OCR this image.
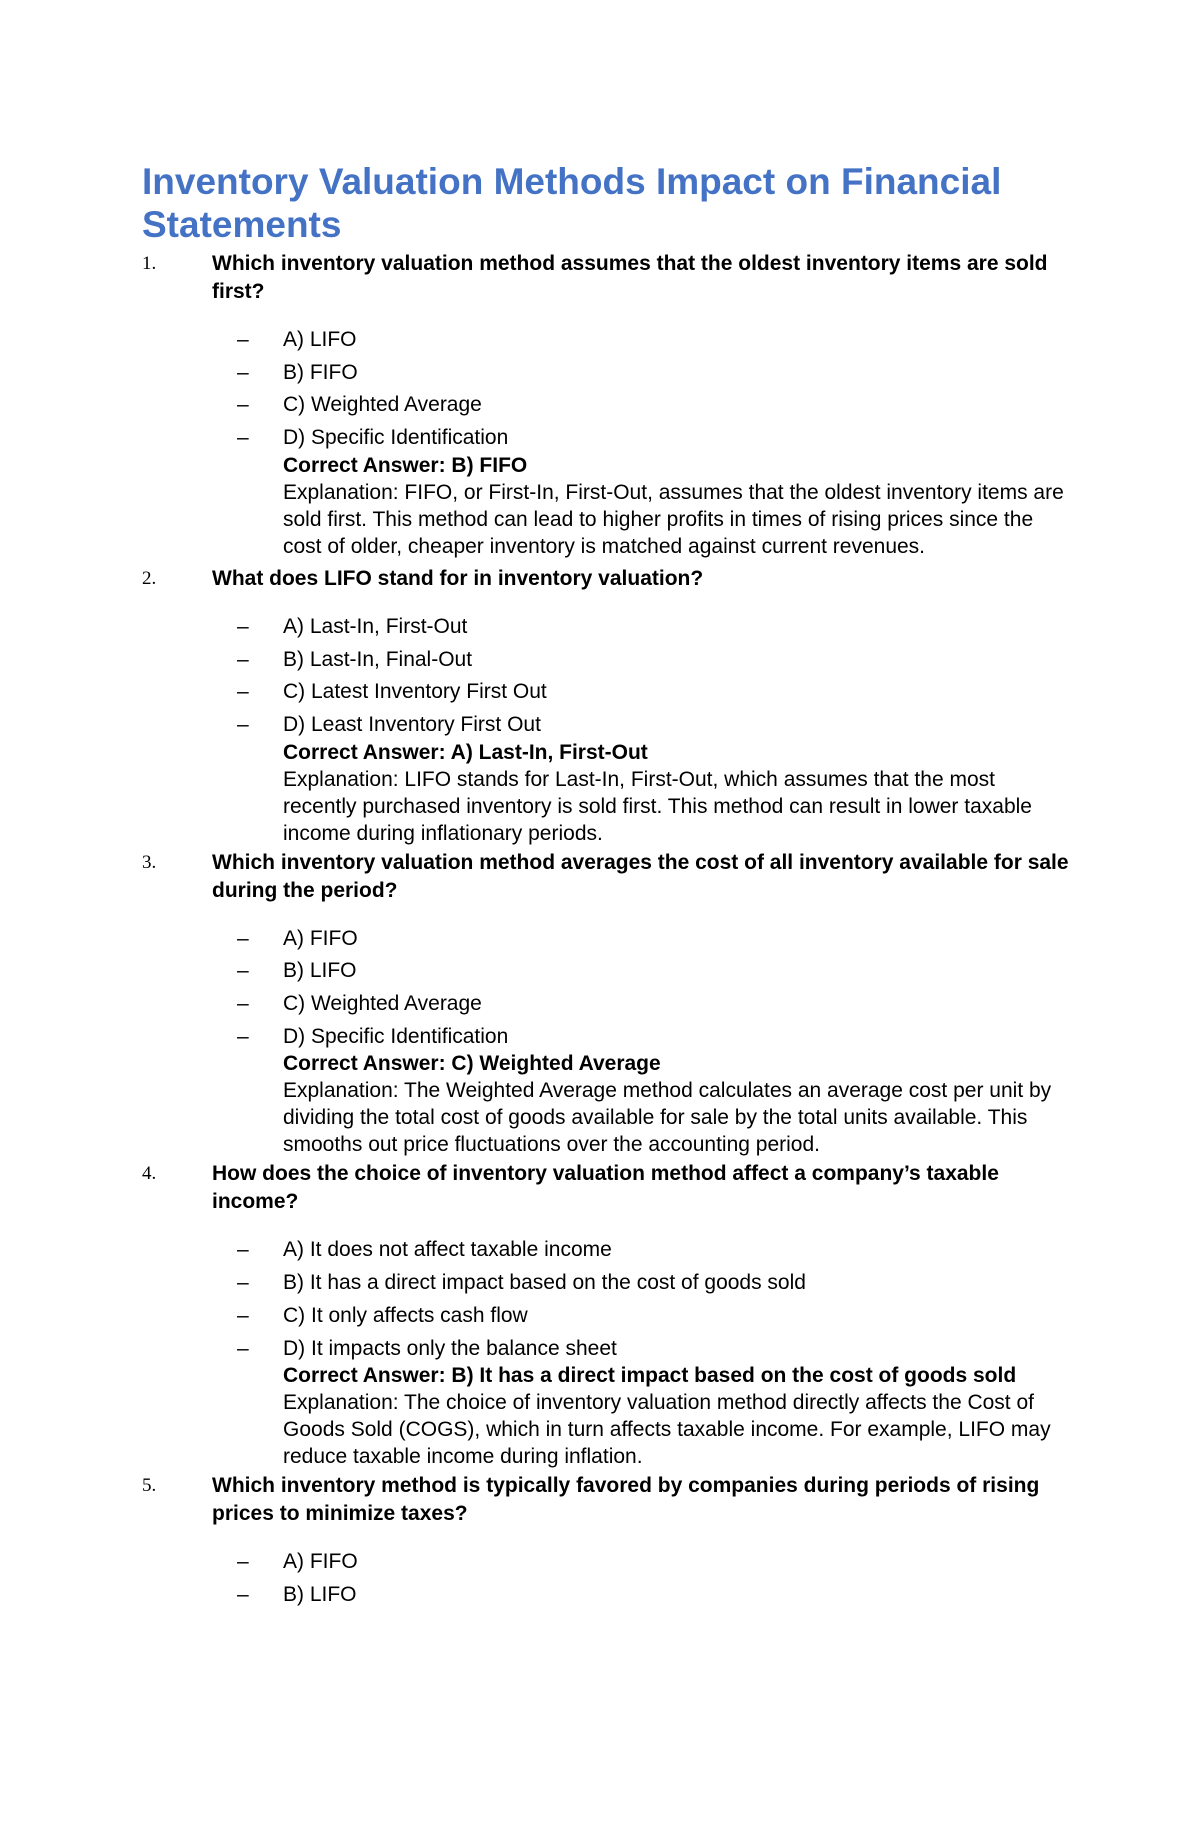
Inventory Valuation Methods Impact on Financial Statements

1.	Which inventory valuation method assumes that the oldest inventory items are sold first?

– A) LIFO
– B) FIFO
– C) Weighted Average
– D) Specific Identification
Correct Answer: B) FIFO
Explanation: FIFO, or First-In, First-Out, assumes that the oldest inventory items are sold first. This method can lead to higher profits in times of rising prices since the cost of older, cheaper inventory is matched against current revenues.

2.	What does LIFO stand for in inventory valuation?

– A) Last-In, First-Out
– B) Last-In, Final-Out
– C) Latest Inventory First Out
– D) Least Inventory First Out
Correct Answer: A) Last-In, First-Out
Explanation: LIFO stands for Last-In, First-Out, which assumes that the most recently purchased inventory is sold first. This method can result in lower taxable income during inflationary periods.

3.	Which inventory valuation method averages the cost of all inventory available for sale during the period?

– A) FIFO
– B) LIFO
– C) Weighted Average
– D) Specific Identification
Correct Answer: C) Weighted Average
Explanation: The Weighted Average method calculates an average cost per unit by dividing the total cost of goods available for sale by the total units available. This smooths out price fluctuations over the accounting period.

4.	How does the choice of inventory valuation method affect a company’s taxable income?

– A) It does not affect taxable income
– B) It has a direct impact based on the cost of goods sold
– C) It only affects cash flow
– D) It impacts only the balance sheet
Correct Answer: B) It has a direct impact based on the cost of goods sold
Explanation: The choice of inventory valuation method directly affects the Cost of Goods Sold (COGS), which in turn affects taxable income. For example, LIFO may reduce taxable income during inflation.

5.	Which inventory method is typically favored by companies during periods of rising prices to minimize taxes?

– A) FIFO
– B) LIFO
